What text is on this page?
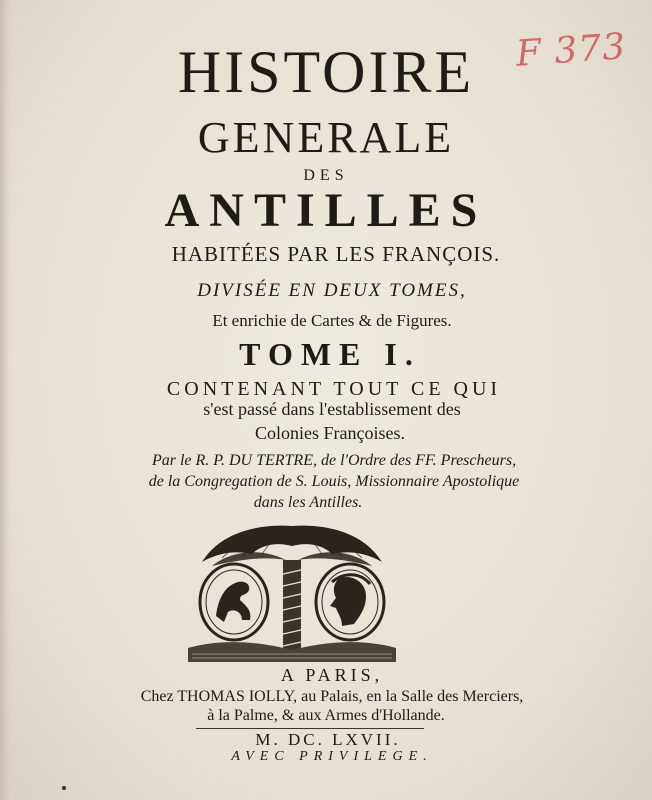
F 373
HISTOIRE
GENERALE
DES
ANTILLES
HABITÉES PAR LES FRANÇOIS.
DIVISÉE EN DEUX TOMES,
Et enrichie de Cartes & de Figures.
TOME I.
CONTENANT TOUT CE QUI
s'est passé dans l'establissement des
Colonies Françoises.
Par le R. P. DU TERTRE, de l'Ordre des FF. Prescheurs,
de la Congregation de S. Louis, Missionnaire Apostolique
dans les Antilles.
A PARIS,
Chez THOMAS IOLLY, au Palais, en la Salle des Merciers,
à la Palme, & aux Armes d'Hollande.
M. DC. LXVII.
AVEC PRIVILEGE.
